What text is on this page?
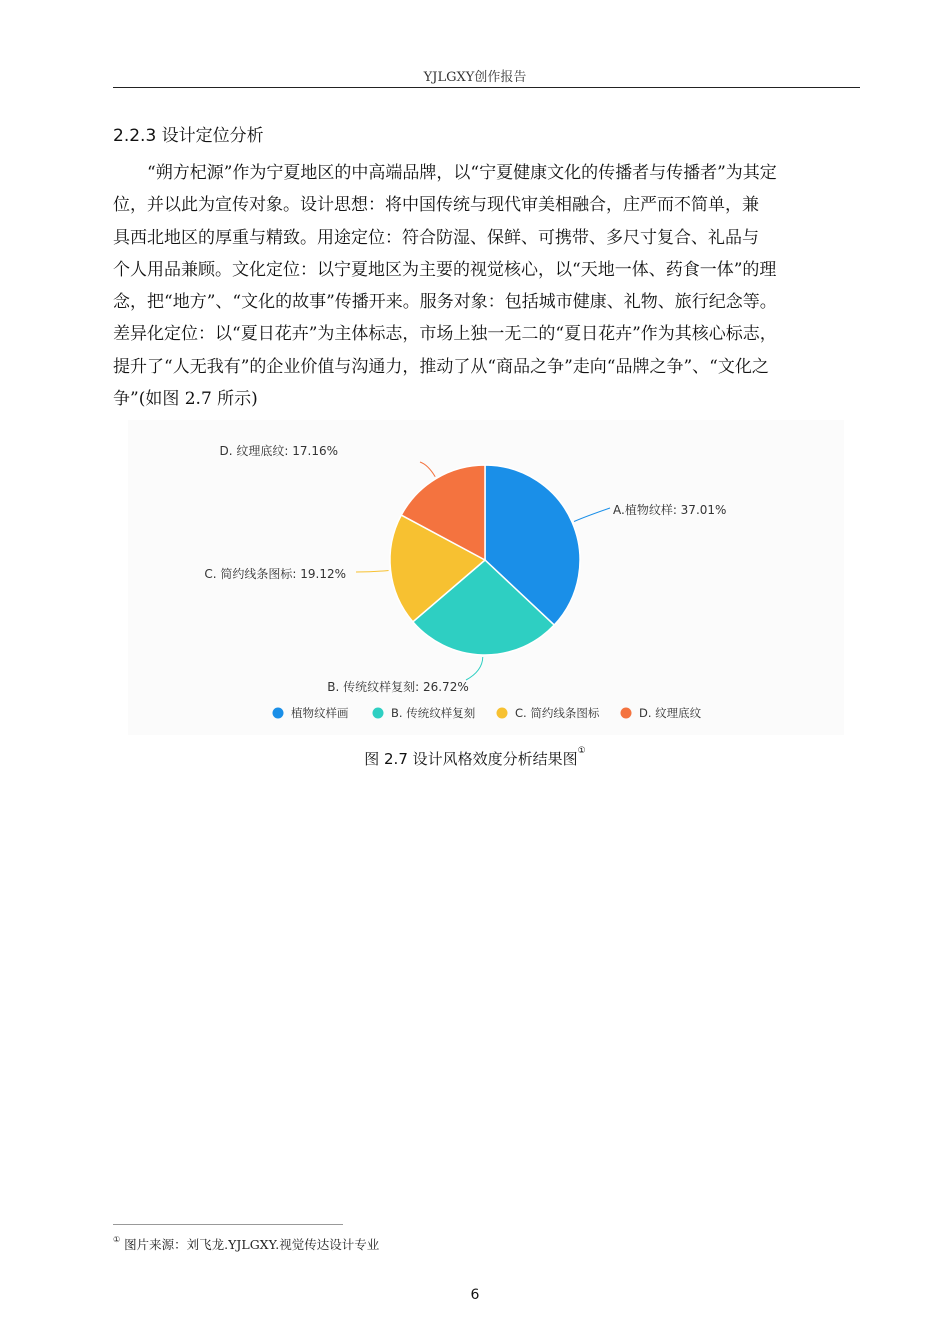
YJLGXY创作报告
2.2.3 设计定位分析

“朔方杞源”作为宁夏地区的中高端品牌，以“宁夏健康文化的传播者与传播者”为其定
位，并以此为宣传对象。设计思想：将中国传统与现代审美相融合，庄严而不简单，兼
具西北地区的厚重与精致。用途定位：符合防湿、保鲜、可携带、多尺寸复合、礼品与
个人用品兼顾。文化定位：以宁夏地区为主要的视觉核心，以“天地一体、药食一体”的理
念，把“地方”、“文化的故事”传播开来。服务对象：包括城市健康、礼物、旅行纪念等。
差异化定位：以“夏日花卉”为主体标志，市场上独一无二的“夏日花卉”作为其核心标志，
提升了“人无我有”的企业价值与沟通力，推动了从“商品之争”走向“品牌之争”、“文化之
争”(如图 2.7 所示)

A.植物纹样: 37.01%
B. 传统纹样复刻: 26.72%
C. 简约线条图标: 19.12%
D. 纹理底纹: 17.16%
植物纹样画	B. 传统纹样复刻	C. 简约线条图标	D. 纹理底纹
图 2.7 设计风格效度分析结果图①
① 图片来源：刘飞龙.YJLGXY.视觉传达设计专业
6
